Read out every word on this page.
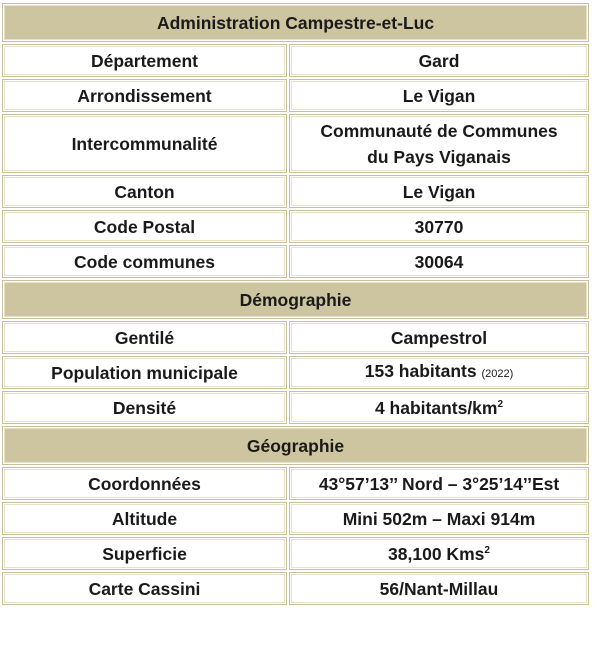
Administration Campestre-et-Luc	
Département	Gard
Arrondissement	Le Vigan
Intercommunalité	Communauté de Communes
du Pays Viganais
Canton	Le Vigan
Code Postal	30770
Code communes	30064
Démographie	
Gentilé	Campestrol
Population municipale	153 habitants (2022)
Densité	4 habitants/$km^2$
Géographie	
Coordonnées	43°57’13’’ Nord – 3°25’14’’Est
Altitude	Mini 502m – Maxi 914m
Superficie	38,100 Kms$^2$
Carte Cassini	56/Nant-Millau
